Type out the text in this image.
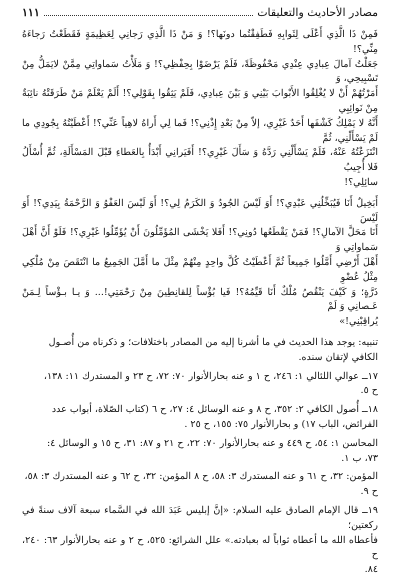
مصادر الأحاديث والتعليقات
١١١

فَمِنْ ذَا الَّذِي أَعْلَى لِثَوابِهِ فَطَفِقْتُما دونَها؟! وَ مَنْ ذَا الَّذِي رَجانِي لِعَظِيمَةٍ فَقَطَعْتُ رَجاءَهُ مِنِّي؟!

جَعَلْتُ آمالَ عِبادِي عِنْدِي مَحْفُوظَةً، فَلَمْ يَرْضَوْا بِحِفْظِي؟! وَ مَلَأْتُ سَماواتِي مِمَّنْ لايَمَلُّ مِنْ تَسْبِيحِي، وَ

أَمَرْتُهُمْ أَنْ لا يُغْلِقُوا الأَبْوابَ بَيْنِي وَ بَيْنَ عِبادِي، فَلَمْ يَثِقُوا بِقَوْلِي؟! أَلَمْ يَعْلَمْ مَنْ طَرَقَتْهُ نائِبَةٌ مِنْ نَوائِبِي

أَنَّهُ لا يَمْلِكُ كَشْفَها أَحَدٌ غَيْرِي، إلاّ مِنْ بَعْدِ إِذْنِي؟! فَما لِي أَراهُ لاهِياً عَنِّي؟! أَعْطَيْتُهُ بِجُودِي ما لَمْ يَسْأَلْنِي، ثُمَّ

انْتَزَعْتُهُ عَنْهُ، فَلَمْ يَسْأَلْنِي رَدَّهُ وَ سَأَلَ غَيْرِي؟! أَفَيَرانِي أَبْدَأُ بِالعَطاءِ قَبْلَ المَسْأَلَةِ، ثُمَّ أُسْأَلُ فَلا أُجِيبُ

سائِلِي؟!

أَبَخِيلٌ أَنَا فَيُبَخِّلُنِي عَبْدِي؟! أَوَ لَيْسَ الجُودُ وَ الكَرَمُ لِي؟! أَوَ لَيْسَ العَفْوُ وَ الرَّحْمَةُ بِيَدِي؟! أَوَ لَيْسَ

أَنَا مَحَلَّ الآمالِ؟! فَمَنْ يَقْطَعُها دُونِي؟! أَفَلا يَخْشَى المُؤَمِّلُونَ أَنْ يُؤَمِّلُوا غَيْرِي؟! فَلَوْ أَنَّ أَهْلَ سَماواتِي وَ

أَهْلَ أَرْضِي أَمَّلُوا جَمِيعاً ثُمَّ أَعْطَيْتُ كُلَّ واحِدٍ مِنْهُمْ مِثْلَ ما أَمَّلَ الجَمِيعُ ما انْتَقَصَ مِنْ مُلْكِي مِثْلُ عُضْوِ

ذَرَّةٍ؛ وَ كَيْفَ يَنْقُصُ مُلْكٌ أَنَا قَيِّمُهُ؟! فَيا بُؤْساً لِلقانِطِينَ مِنْ رَحْمَتِي!... وَ يـا بـؤْساً لِـمَنْ عَـصانِي وَ لَمْ

يُراقِبْنِي!»

تنبيه: يوجد هذا الحديث في ما أشرنا إليه من المصادر باختلافات؛ و ذكرناه من أُصـول

الكافي لإتقان سنده.

١٧ــ عوالي اللئالي ١: ٢٤٦، ح ١ و عنه بحارالأنوار ٧٠: ٧٢، ح ٢٣ و المستدرك ١١: ١٣٨،

ح ٥.

١٨ــ أُصول الكافي ٢: ٣٥٢، ح ٨ و عنه الوسائل ٤: ٢٧، ح ٦ (كتاب الصّلاة، أبواب عدد

الفرائض، الباب ١٧) و بحارالأنوار ٧٥: ١٥٥، ح ٢٥ .

المحاسن ١: ٥٤، ح ٤٤٩ و عنه بحارالأنوار ٧٠: ٢٢، ح ٢١ و ٨٧: ٣١، ح ١٥ و الوسائل ٤:

٧٣، ب ١.

المؤمن: ٣٢، ح ٦١ و عنه المستدرك ٣: ٥٨، ح ٨ المؤمن: ٣٢، ح ٦٢ و عنه المستدرك ٣: ٥٨،

ح ٩.

١٩ــ قال الإمام الصادق عليه السلام: «إنَّ إبليس عَبَدَ الله في السَّماء سبعة آلاف سنةً في ركعتين؛

فأعطاه الله ما أعطاه ثواباً له بعبادته.» علل الشرائع: ٥٢٥، ح ٢ و عنه بحارالأنوار ٦٣: ٢٤٠، ح

٨٤.
